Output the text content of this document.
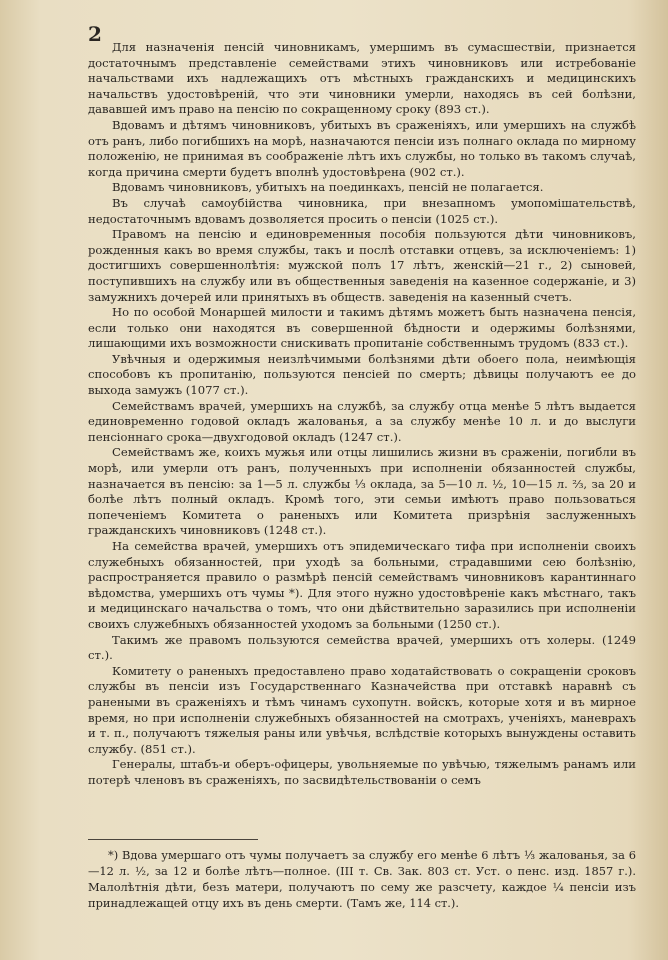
2

Для назначенія пенсій чиновникамъ, умершимъ въ сумасшествіи, признается достаточнымъ представленіе семействами этихъ чиновниковъ или истребованіе начальствами ихъ надлежащихъ отъ мѣстныхъ гражданскихъ и медицинскихъ начальствъ удостовѣреній, что эти чиновники умерли, находясь въ сей болѣзни, дававшей имъ право на пенсію по сокращенному сроку (893 ст.).

Вдовамъ и дѣтямъ чиновниковъ, убитыхъ въ сраженіяхъ, или умершихъ на службѣ отъ ранъ, либо погибшихъ на морѣ, назначаются пенсіи изъ полнаго оклада по мирному положенію, не принимая въ соображеніе лѣтъ ихъ службы, но только въ такомъ случаѣ, когда причина смерти будетъ вполнѣ удостовѣрена (902 ст.).

Вдовамъ чиновниковъ, убитыхъ на поединкахъ, пенсій не полагается.

Въ случаѣ самоубійства чиновника, при внезапномъ умопомішательствѣ, недостаточнымъ вдовамъ дозволяется просить о пенсіи (1025 ст.).

Правомъ на пенсію и единовременныя пособія пользуются дѣти чиновниковъ, рожденныя какъ во время службы, такъ и послѣ отставки отцевъ, за исключеніемъ: 1) достигшихъ совершеннолѣтія: мужской полъ 17 лѣтъ, женскій—21 г., 2) сыновей, поступившихъ на службу или въ общественныя заведенія на казенное содержаніе, и 3) замужнихъ дочерей или принятыхъ въ обществ. заведенія на казенный счетъ.

Но по особой Монаршей милости и такимъ дѣтямъ можетъ быть назначена пенсія, если только они находятся въ совершенной бѣдности и одержимы болѣзнями, лишающими ихъ возможности снискивать пропитаніе собственнымъ трудомъ (833 ст.).

Увѣчныя и одержимыя неизлѣчимыми болѣзнями дѣти обоего пола, неимѣющія способовъ къ пропитанію, пользуются пенсіей по смерть; дѣвицы получаютъ ее до выхода замужъ (1077 ст.).

Семействамъ врачей, умершихъ на службѣ, за службу отца менѣе 5 лѣтъ выдается единовременно годовой окладъ жалованья, а за службу менѣе 10 л. и до выслуги пенсіоннаго срока—двухгодовой окладъ (1247 ст.).

Семействамъ же, коихъ мужья или отцы лишились жизни въ сраженіи, погибли въ морѣ, или умерли отъ ранъ, полученныхъ при исполненіи обязанностей службы, назначается въ пенсію: за 1—5 л. службы ⅓ оклада, за 5—10 л. ½, 10—15 л. ⅔, за 20 и болѣе лѣтъ полный окладъ. Кромѣ того, эти семьи имѣютъ право пользоваться попеченіемъ Комитета о раненыхъ или Комитета призрѣнія заслуженныхъ гражданскихъ чиновниковъ (1248 ст.).

На семейства врачей, умершихъ отъ эпидемическаго тифа при исполненіи своихъ служебныхъ обязанностей, при уходѣ за больными, страдавшими сею болѣзнію, распространяется правило о размѣрѣ пенсій семействамъ чиновниковъ карантиннаго вѣдомства, умершихъ отъ чумы *). Для этого нужно удостовѣреніе какъ мѣстнаго, такъ и медицинскаго начальства о томъ, что они дѣйствительно заразились при исполненіи своихъ служебныхъ обязанностей уходомъ за больными (1250 ст.).

Такимъ же правомъ пользуются семейства врачей, умершихъ отъ холеры. (1249 ст.).

Комитету о раненыхъ предоставлено право ходатайствовать о сокращеніи сроковъ службы въ пенсіи изъ Государственнаго Казначейства при отставкѣ наравнѣ съ ранеными въ сраженіяхъ и тѣмъ чинамъ сухопутн. войскъ, которые хотя и въ мирное время, но при исполненіи служебныхъ обязанностей на смотрахъ, ученіяхъ, маневрахъ и т. п., получаютъ тяжелыя раны или увѣчья, вслѣдствіе которыхъ вынуждены оставить службу. (851 ст.).

Генералы, штабъ-и оберъ-офицеры, увольняемые по увѣчью, тяжелымъ ранамъ или потерѣ членовъ въ сраженіяхъ, по засвидѣтельствованіи о семъ

*) Вдова умершаго отъ чумы получаетъ за службу его менѣе 6 лѣтъ ⅓ жалованья, за 6—12 л. ½, за 12 и болѣе лѣтъ—полное. (III т. Св. Зак. 803 ст. Уст. о пенс. изд. 1857 г.). Малолѣтнія дѣти, безъ матери, получаютъ по сему же разсчету, каждое ¼ пенсіи изъ принадлежащей отцу ихъ въ день смерти. (Тамъ же, 114 ст.).
